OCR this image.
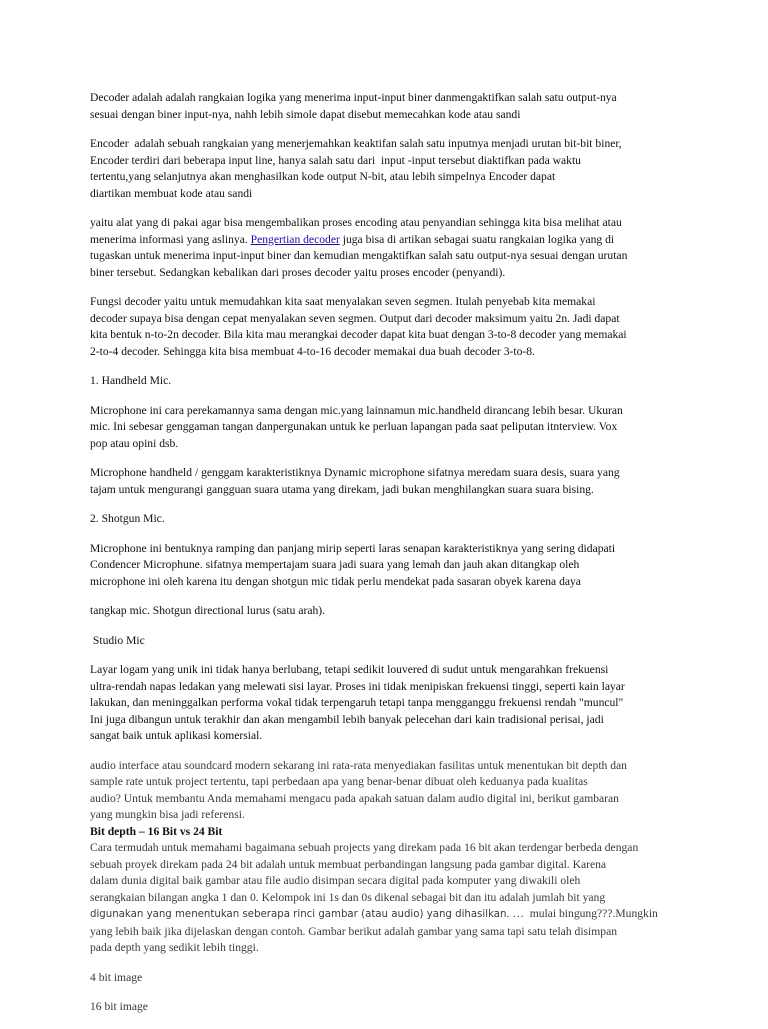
Decoder adalah adalah rangkaian logika yang menerima input-input biner danmengaktifkan salah satu output-nya
sesuai dengan biner input-nya, nahh lebih simole dapat disebut memecahkan kode atau sandi

Encoder  adalah sebuah rangkaian yang menerjemahkan keaktifan salah satu inputnya menjadi urutan bit-bit biner,
Encoder terdiri dari beberapa input line, hanya salah satu dari  input -input tersebut diaktifkan pada waktu
tertentu,yang selanjutnya akan menghasilkan kode output N-bit, atau lebih simpelnya Encoder dapat
diartikan membuat kode atau sandi

yaitu alat yang di pakai agar bisa mengembalikan proses encoding atau penyandian sehingga kita bisa melihat atau
menerima informasi yang aslinya. Pengertian decoder juga bisa di artikan sebagai suatu rangkaian logika yang di
tugaskan untuk menerima input-input biner dan kemudian mengaktifkan salah satu output-nya sesuai dengan urutan
biner tersebut. Sedangkan kebalikan dari proses decoder yaitu proses encoder (penyandi).

Fungsi decoder yaitu untuk memudahkan kita saat menyalakan seven segmen. Itulah penyebab kita memakai
decoder supaya bisa dengan cepat menyalakan seven segmen. Output dari decoder maksimum yaitu 2n. Jadi dapat
kita bentuk n-to-2n decoder. Bila kita mau merangkai decoder dapat kita buat dengan 3-to-8 decoder yang memakai
2-to-4 decoder. Sehingga kita bisa membuat 4-to-16 decoder memakai dua buah decoder 3-to-8.

1. Handheld Mic.

Microphone ini cara perekamannya sama dengan mic.yang lainnamun mic.handheld dirancang lebih besar. Ukuran
mic. Ini sebesar genggaman tangan danpergunakan untuk ke perluan lapangan pada saat peliputan itnterview. Vox
pop atau opini dsb.

Microphone handheld / genggam karakteristiknya Dynamic microphone sifatnya meredam suara desis, suara yang
tajam untuk mengurangi gangguan suara utama yang direkam, jadi bukan menghilangkan suara suara bising.

2. Shotgun Mic.

Microphone ini bentuknya ramping dan panjang mirip seperti laras senapan karakteristiknya yang sering didapati
Condencer Microphune. sifatnya mempertajam suara jadi suara yang lemah dan jauh akan ditangkap oleh
microphone ini oleh karena itu dengan shotgun mic tidak perlu mendekat pada sasaran obyek karena daya

tangkap mic. Shotgun directional lurus (satu arah).

Studio Mic

Layar logam yang unik ini tidak hanya berlubang, tetapi sedikit louvered di sudut untuk mengarahkan frekuensi
ultra-rendah napas ledakan yang melewati sisi layar. Proses ini tidak menipiskan frekuensi tinggi, seperti kain layar
lakukan, dan meninggalkan performa vokal tidak terpengaruh tetapi tanpa mengganggu frekuensi rendah "muncul"
Ini juga dibangun untuk terakhir dan akan mengambil lebih banyak pelecehan dari kain tradisional perisai, jadi
sangat baik untuk aplikasi komersial.

audio interface atau soundcard modern sekarang ini rata-rata menyediakan fasilitas untuk menentukan bit depth dan
sample rate untuk project tertentu, tapi perbedaan apa yang benar-benar dibuat oleh keduanya pada kualitas
audio? Untuk membantu Anda memahami mengacu pada apakah satuan dalam audio digital ini, berikut gambaran
yang mungkin bisa jadi referensi.

Bit depth – 16 Bit vs 24 Bit

Cara termudah untuk memahami bagaimana sebuah projects yang direkam pada 16 bit akan terdengar berbeda dengan
sebuah proyek direkam pada 24 bit adalah untuk membuat perbandingan langsung pada gambar digital. Karena
dalam dunia digital baik gambar atau file audio disimpan secara digital pada komputer yang diwakili oleh
serangkaian bilangan angka 1 dan 0. Kelompok ini 1s dan 0s dikenal sebagai bit dan itu adalah jumlah bit yang
digunakan yang menentukan seberapa rinci gambar (atau audio) yang dihasilkan. …  mulai bingung???.Mungkin
yang lebih baik jika dijelaskan dengan contoh. Gambar berikut adalah gambar yang sama tapi satu telah disimpan
pada depth yang sedikit lebih tinggi.

4 bit image

16 bit image
